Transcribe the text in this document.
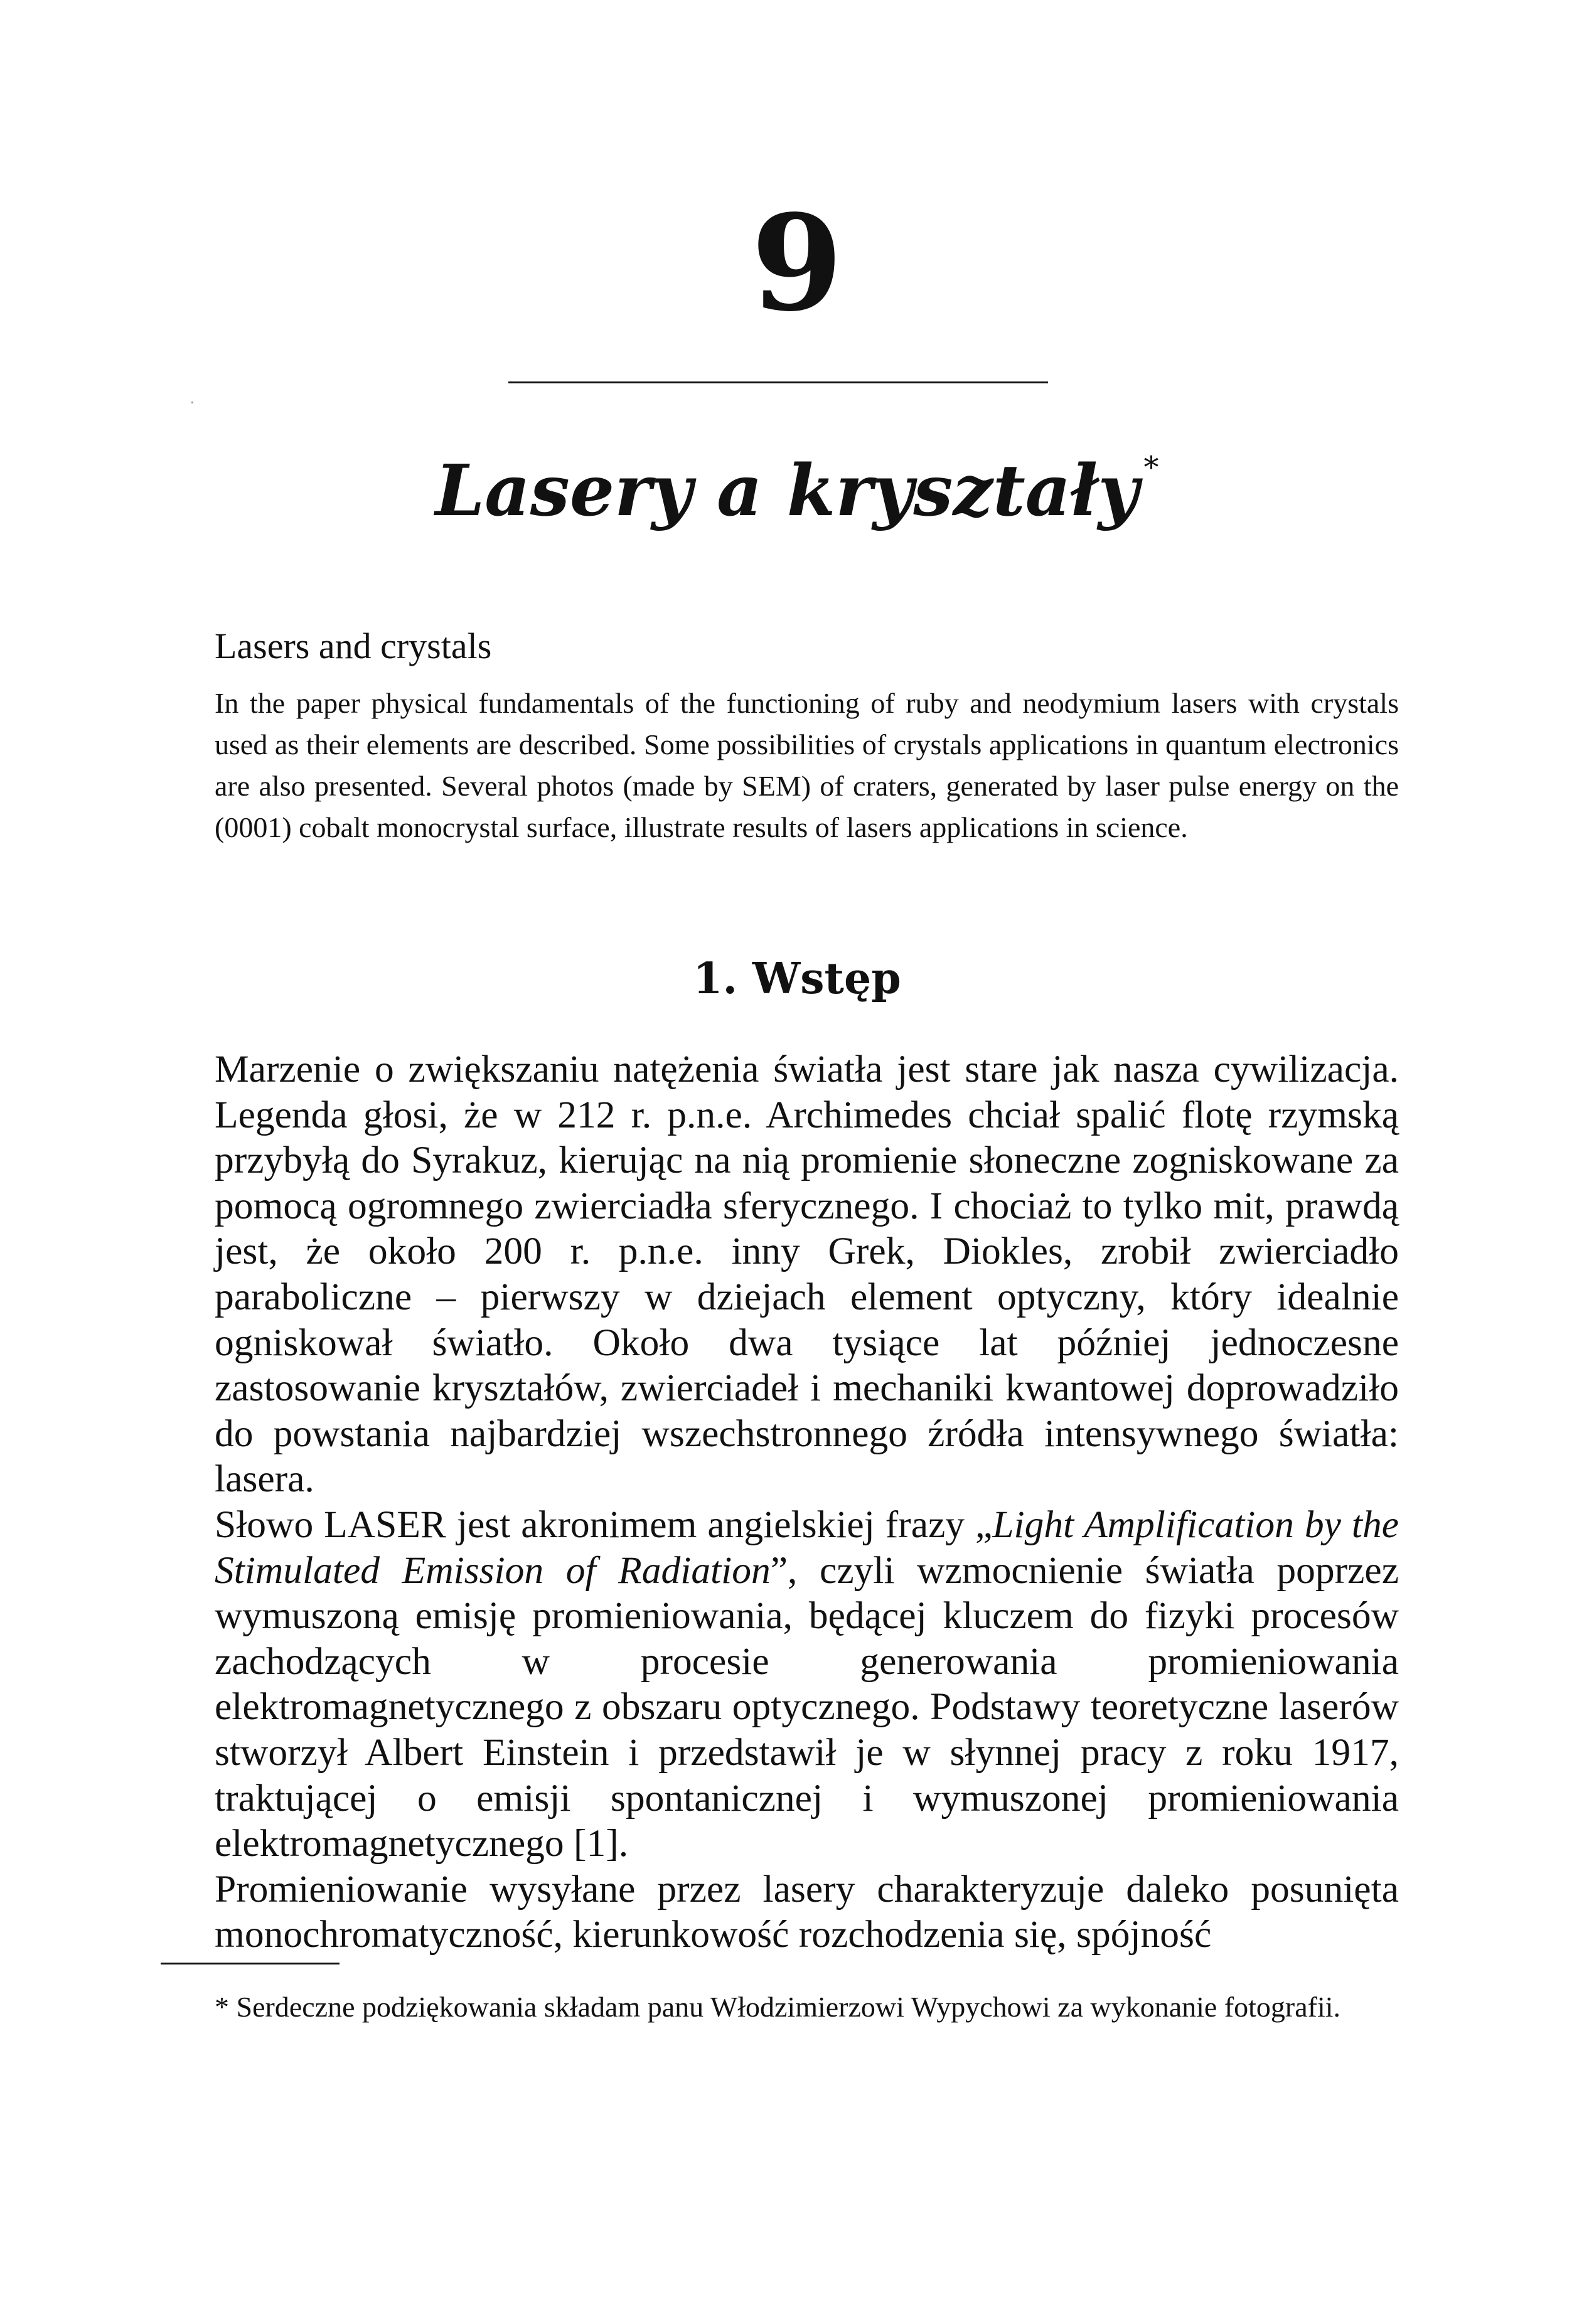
9
Lasery a kryształy *
Lasers and crystals

In the paper physical fundamentals of the functioning of ruby and neodymium lasers with crystals used as their elements are described. Some possibilities of crystals applications in quantum electronics are also presented. Several photos (made by SEM) of craters, generated by laser pulse energy on the (0001) cobalt monocrystal surface, illustrate results of lasers applications in science.

1. Wstęp

Marzenie o zwiększaniu natężenia światła jest stare jak nasza cywilizacja. Legenda głosi, że w 212 r. p.n.e. Archimedes chciał spalić flotę rzymską przybyłą do Syrakuz, kierując na nią promienie słoneczne zogniskowane za pomocą ogromnego zwierciadła sferycznego. I chociaż to tylko mit, prawdą jest, że około 200 r. p.n.e. inny Grek, Diokles, zrobił zwierciadło paraboliczne – pierwszy w dziejach element optyczny, który idealnie ogniskował światło. Około dwa tysiące lat później jednoczesne zastosowanie kryształów, zwierciadeł i mechaniki kwantowej doprowadziło do powstania najbardziej wszechstronnego źródła intensywnego światła: lasera.

Słowo LASER jest akronimem angielskiej frazy „Light Amplification by the Stimulated Emission of Radiation”, czyli wzmocnienie światła poprzez wymuszoną emisję promieniowania, będącej kluczem do fizyki procesów zachodzących w procesie generowania promieniowania elektromagnetycznego z obszaru optycznego. Podstawy teoretyczne laserów stworzył Albert Einstein i przedstawił je w słynnej pracy z roku 1917, traktującej o emisji spontanicznej i wymuszonej promieniowania elektromagnetycznego [1].

Promieniowanie wysyłane przez lasery charakteryzuje daleko posunięta monochromatyczność, kierunkowość rozchodzenia się, spójność

* Serdeczne podziękowania składam panu Włodzimierzowi Wypychowi za wykonanie fotografii.
